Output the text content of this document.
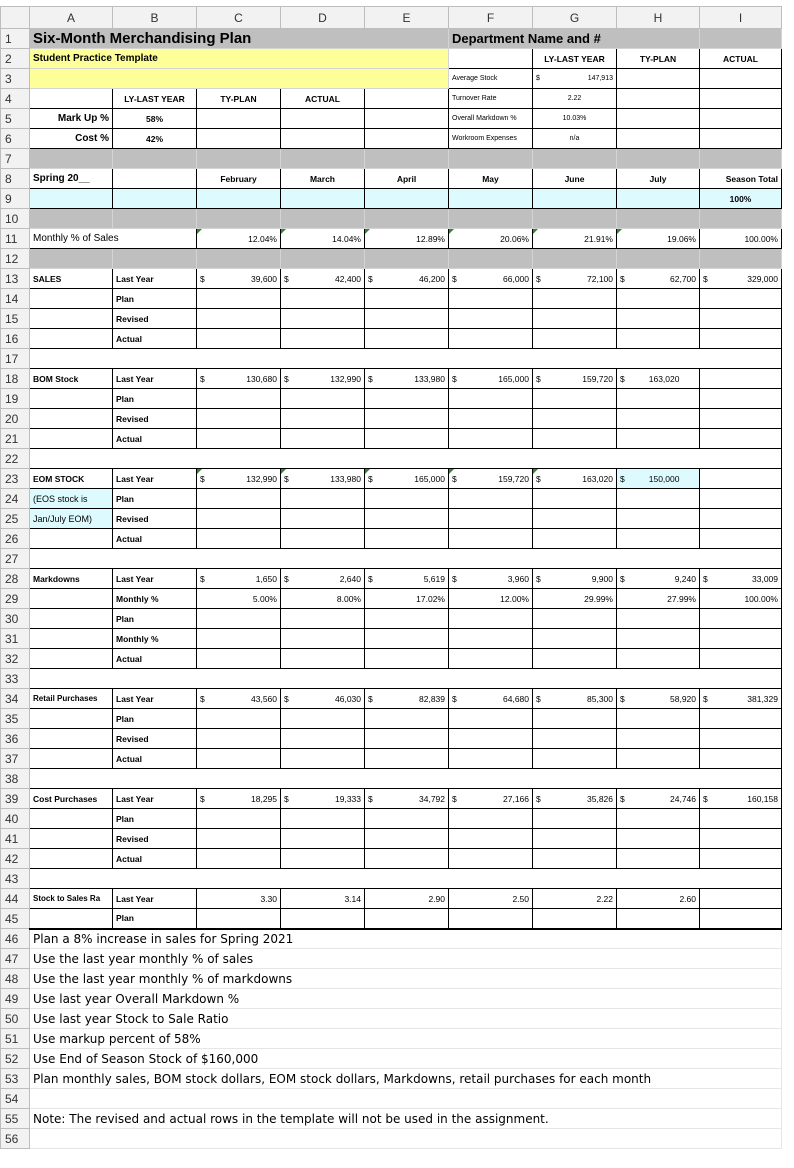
	A	B	C	D	E	F	G	H	I
1	Six-Month Merchandising Plan					Department Name and #			
2	Student Practice Template						LY-LAST YEAR	TY-PLAN	ACTUAL
3						Average Stock	$ 147,913		

4		LY-LAST YEAR	TY-PLAN	ACTUAL		Turnover Rate	2.22		
5	Mark Up %	58%				Overall Markdown %	10.03%		
6	Cost %	42%				Workroom Expenses	n/a		
7									
8	Spring 20__		February	March	April	May	June	July	Season Total
9									100%
10									
11	Monthly % of Sales		12.04%	14.04%	12.89%	20.06%	21.91%	19.06%	100.00%
12									
13	SALES	Last Year	$ 39,600	$ 42,400	$ 46,200	$ 66,000	$ 72,100	$ 62,700	$ 329,000
14		Plan							
15		Revised							
16		Actual							
17									
18	BOM Stock	Last Year	$ 130,680	$ 132,990	$ 133,980	$ 165,000	$ 159,720	$ 163,020	
19		Plan							
20		Revised							
21		Actual							
22									
23	EOM STOCK	Last Year	$ 132,990	$ 133,980	$ 165,000	$ 159,720	$ 163,020	$ 150,000	
24	(EOS stock is	Plan							
25	Jan/July EOM)	Revised							
26		Actual							
27									
28	Markdowns	Last Year	$ 1,650	$ 2,640	$ 5,619	$ 3,960	$ 9,900	$ 9,240	$ 33,009
29		Monthly %	5.00%	8.00%	17.02%	12.00%	29.99%	27.99%	100.00%
30		Plan							
31		Monthly %							
32		Actual							
33									
34	Retail Purchases	Last Year	$ 43,560	$ 46,030	$ 82,839	$ 64,680	$ 85,300	$ 58,920	$ 381,329
35		Plan							
36		Revised							
37		Actual							
38									
39	Cost Purchases	Last Year	$ 18,295	$ 19,333	$ 34,792	$ 27,166	$ 35,826	$ 24,746	$ 160,158
40		Plan							
41		Revised							
42		Actual							
43									
44	Stock to Sales Ra	Last Year	3.30	3.14	2.90	2.50	2.22	2.60	
45		Plan							
46	Plan a 8% increase in sales for Spring 2021								
47	Use the last year monthly % of sales								
48	Use the last year monthly % of markdowns								
49	Use last year Overall Markdown %								
50	Use last year Stock to Sale Ratio								
51	Use markup percent of 58%								
52	Use End of Season Stock of $160,000								
53	Plan monthly sales, BOM stock dollars, EOM stock dollars, Markdowns, retail purchases for each month								
54									
55	Note: The revised and actual rows in the template will not be used in the assignment.								
56									
